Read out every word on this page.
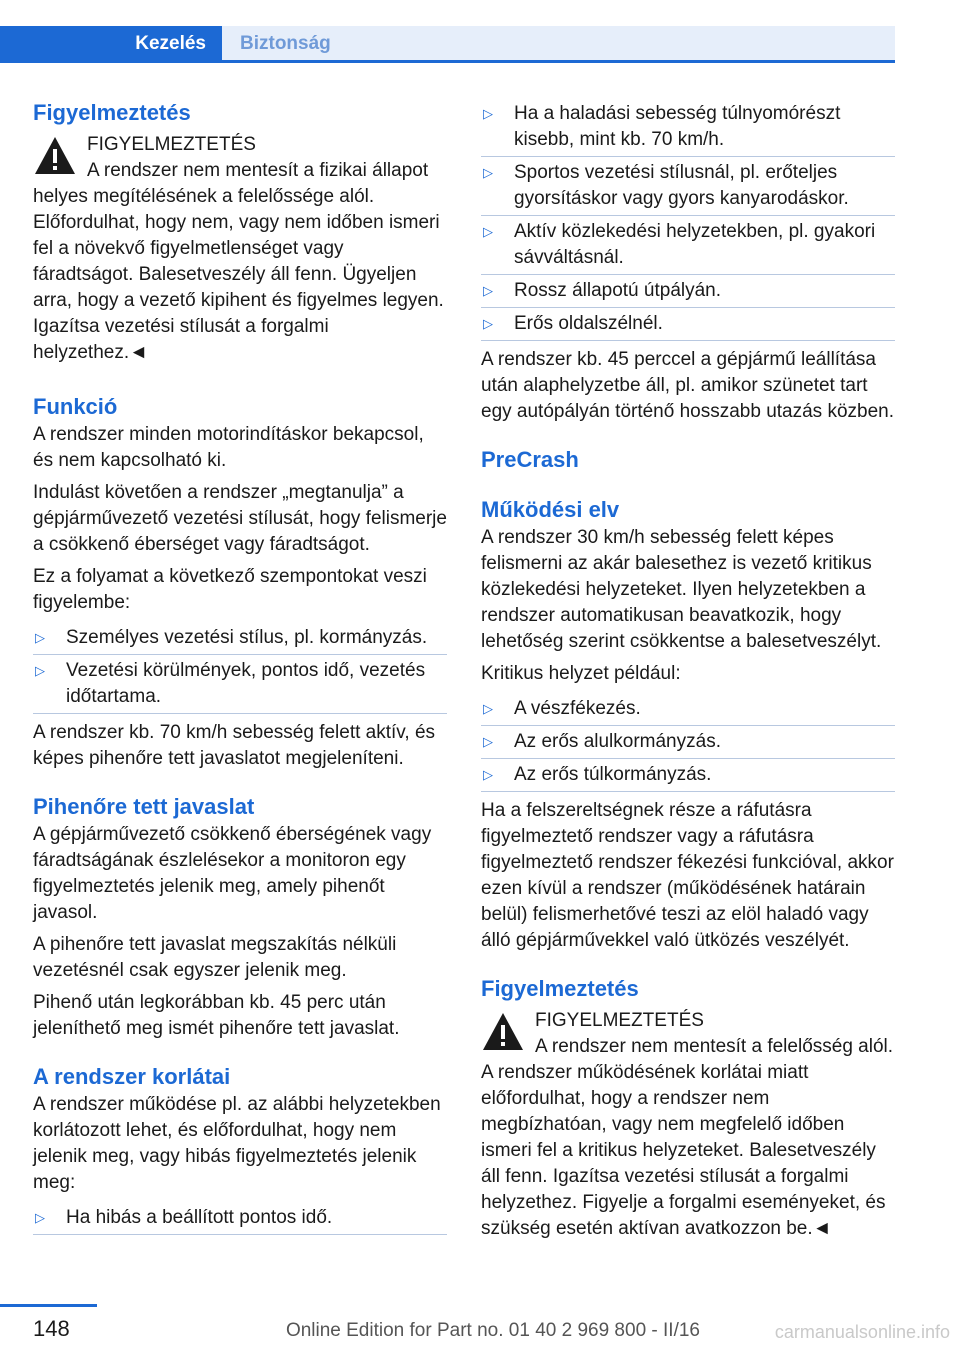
Kezelés	Biztonság
Figyelmeztetés

FIGYELMEZTETÉS

A rendszer nem mentesít a fizikai állapot helyes megítélésének a felelőssége alól. Előfordulhat, hogy nem, vagy nem időben ismeri fel a növekvő figyelmetlenséget vagy fáradtságot. Balesetveszély áll fenn. Ügyeljen arra, hogy a vezető kipihent és figyelmes legyen. Igazítsa vezetési stílusát a forgalmi helyzethez.◄

Funkció

A rendszer minden motorindításkor bekapcsol, és nem kapcsolható ki.

Indulást követően a rendszer „megtanulja” a gépjárművezető vezetési stílusát, hogy felismerje a csökkenő éberséget vagy fáradtságot.

Ez a folyamat a következő szempontokat veszi figyelembe:

▷ Személyes vezetési stílus, pl. kormányzás.
▷ Vezetési körülmények, pontos idő, vezetés időtartama.

A rendszer kb. 70 km/h sebesség felett aktív, és képes pihenőre tett javaslatot megjeleníteni.

Pihenőre tett javaslat

A gépjárművezető csökkenő éberségének vagy fáradtságának észlelésekor a monitoron egy figyelmeztetés jelenik meg, amely pihenőt javasol.

A pihenőre tett javaslat megszakítás nélküli vezetésnél csak egyszer jelenik meg.

Pihenő után legkorábban kb. 45 perc után jeleníthető meg ismét pihenőre tett javaslat.

A rendszer korlátai

A rendszer működése pl. az alábbi helyzetekben korlátozott lehet, és előfordulhat, hogy nem jelenik meg, vagy hibás figyelmeztetés jelenik meg:

▷ Ha hibás a beállított pontos idő.
▷ Ha a haladási sebesség túlnyomórészt kisebb, mint kb. 70 km/h.
▷ Sportos vezetési stílusnál, pl. erőteljes gyorsításkor vagy gyors kanyarodáskor.
▷ Aktív közlekedési helyzetekben, pl. gyakori sávváltásnál.
▷ Rossz állapotú útpályán.
▷ Erős oldalszélnél.

A rendszer kb. 45 perccel a gépjármű leállítása után alaphelyzetbe áll, pl. amikor szünetet tart egy autópályán történő hosszabb utazás közben.

PreCrash
Működési elv

A rendszer 30 km/h sebesség felett képes felismerni az akár balesethez is vezető kritikus közlekedési helyzeteket. Ilyen helyzetekben a rendszer automatikusan beavatkozik, hogy lehetőség szerint csökkentse a balesetveszélyt.

Kritikus helyzet például:

▷ A vészfékezés.
▷ Az erős alulkormányzás.
▷ Az erős túlkormányzás.

Ha a felszereltségnek része a ráfutásra figyelmeztető rendszer vagy a ráfutásra figyelmeztető rendszer fékezési funkcióval, akkor ezen kívül a rendszer (működésének határain belül) felismerhetővé teszi az elöl haladó vagy álló gépjárművekkel való ütközés veszélyét.

Figyelmeztetés

FIGYELMEZTETÉS

A rendszer nem mentesít a felelősség alól. A rendszer működésének korlátai miatt előfordulhat, hogy a rendszer nem megbízhatóan, vagy nem megfelelő időben ismeri fel a kritikus helyzeteket. Balesetveszély áll fenn. Igazítsa vezetési stílusát a forgalmi helyzethez. Figyelje a forgalmi eseményeket, és szükség esetén aktívan avatkozzon be.◄

148	Online Edition for Part no. 01 40 2 969 800 - II/16	carmanualsonline.info
